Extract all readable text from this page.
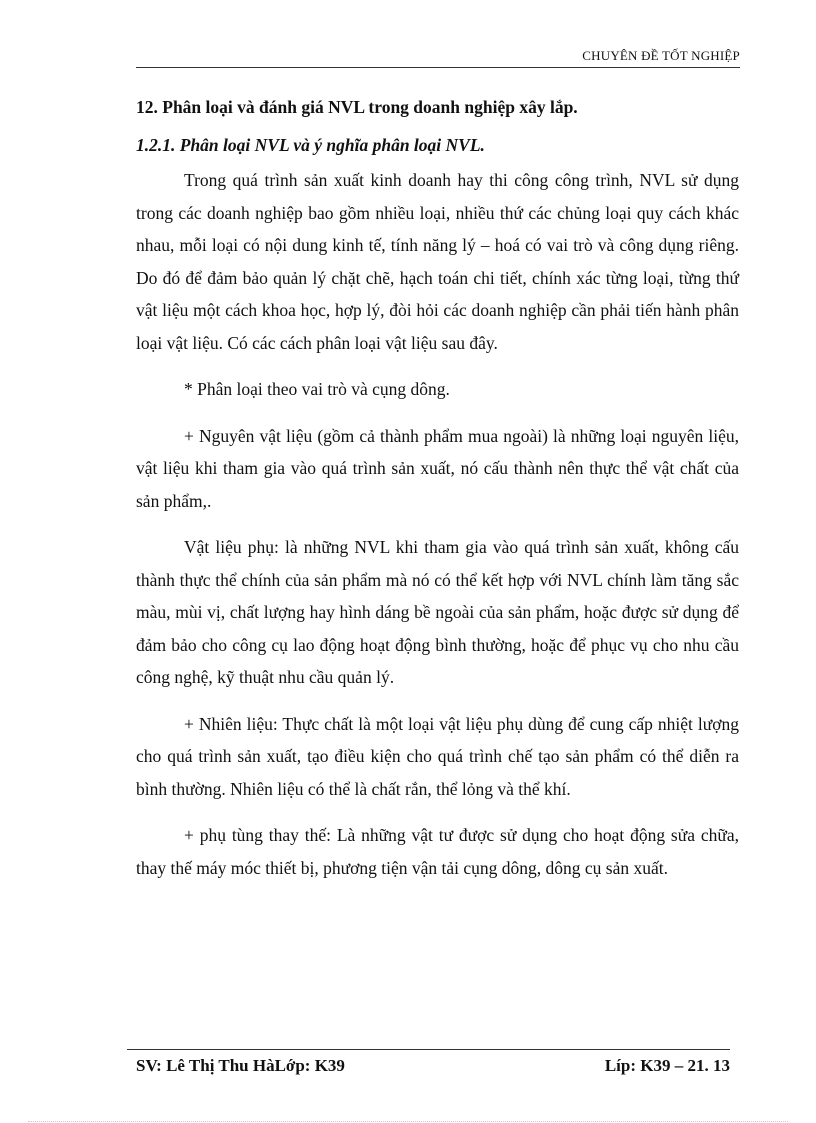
CHUYÊN ĐỀ TỐT NGHIỆP
12. Phân loại và đánh giá NVL trong doanh nghiệp xây lắp.
1.2.1. Phân loại NVL và ý nghĩa phân loại NVL.

Trong quá trình sản xuất kinh doanh hay thi công công trình, NVL sử dụng trong các doanh nghiệp bao gồm nhiều loại, nhiều thứ các chủng loại quy cách khác nhau, mỗi loại có nội dung kinh tế, tính năng lý – hoá có vai trò và công dụng riêng. Do đó để đảm bảo quản lý chặt chẽ, hạch toán chi tiết, chính xác từng loại, từng thứ vật liệu một cách khoa học, hợp lý, đòi hỏi các doanh nghiệp cần phải tiến hành phân loại vật liệu. Có các cách phân loại vật liệu sau đây.

* Phân loại theo vai trò và cụng dông.

+ Nguyên vật liệu (gồm cả thành phẩm mua ngoài) là những loại nguyên liệu, vật liệu khi tham gia vào quá trình sản xuất, nó cấu thành nên thực thể vật chất của sản phẩm,.

Vật liệu phụ: là những NVL khi tham gia vào quá trình sản xuất, không cấu thành thực thể chính của sản phẩm mà nó có thể kết hợp với NVL chính làm tăng sắc màu, mùi vị, chất lượng hay hình dáng bề ngoài của sản phẩm, hoặc được sử dụng để đảm bảo cho công cụ lao động hoạt động bình thường, hoặc để phục vụ cho nhu cầu công nghệ, kỹ thuật nhu cầu quản lý.

+ Nhiên liệu: Thực chất là một loại vật liệu phụ dùng để cung cấp nhiệt lượng cho quá trình sản xuất, tạo điều kiện cho quá trình chế tạo sản phẩm có thể diễn ra bình thường. Nhiên liệu có thể là chất rắn, thể lỏng và thể khí.

+ phụ tùng thay thế: Là những vật tư được sử dụng cho hoạt động sửa chữa, thay thế máy móc thiết bị, phương tiện vận tải cụng dông, dông cụ sản xuất.

SV: Lê Thị Thu HàLớp: K39	Líp: K39 – 21. 13
